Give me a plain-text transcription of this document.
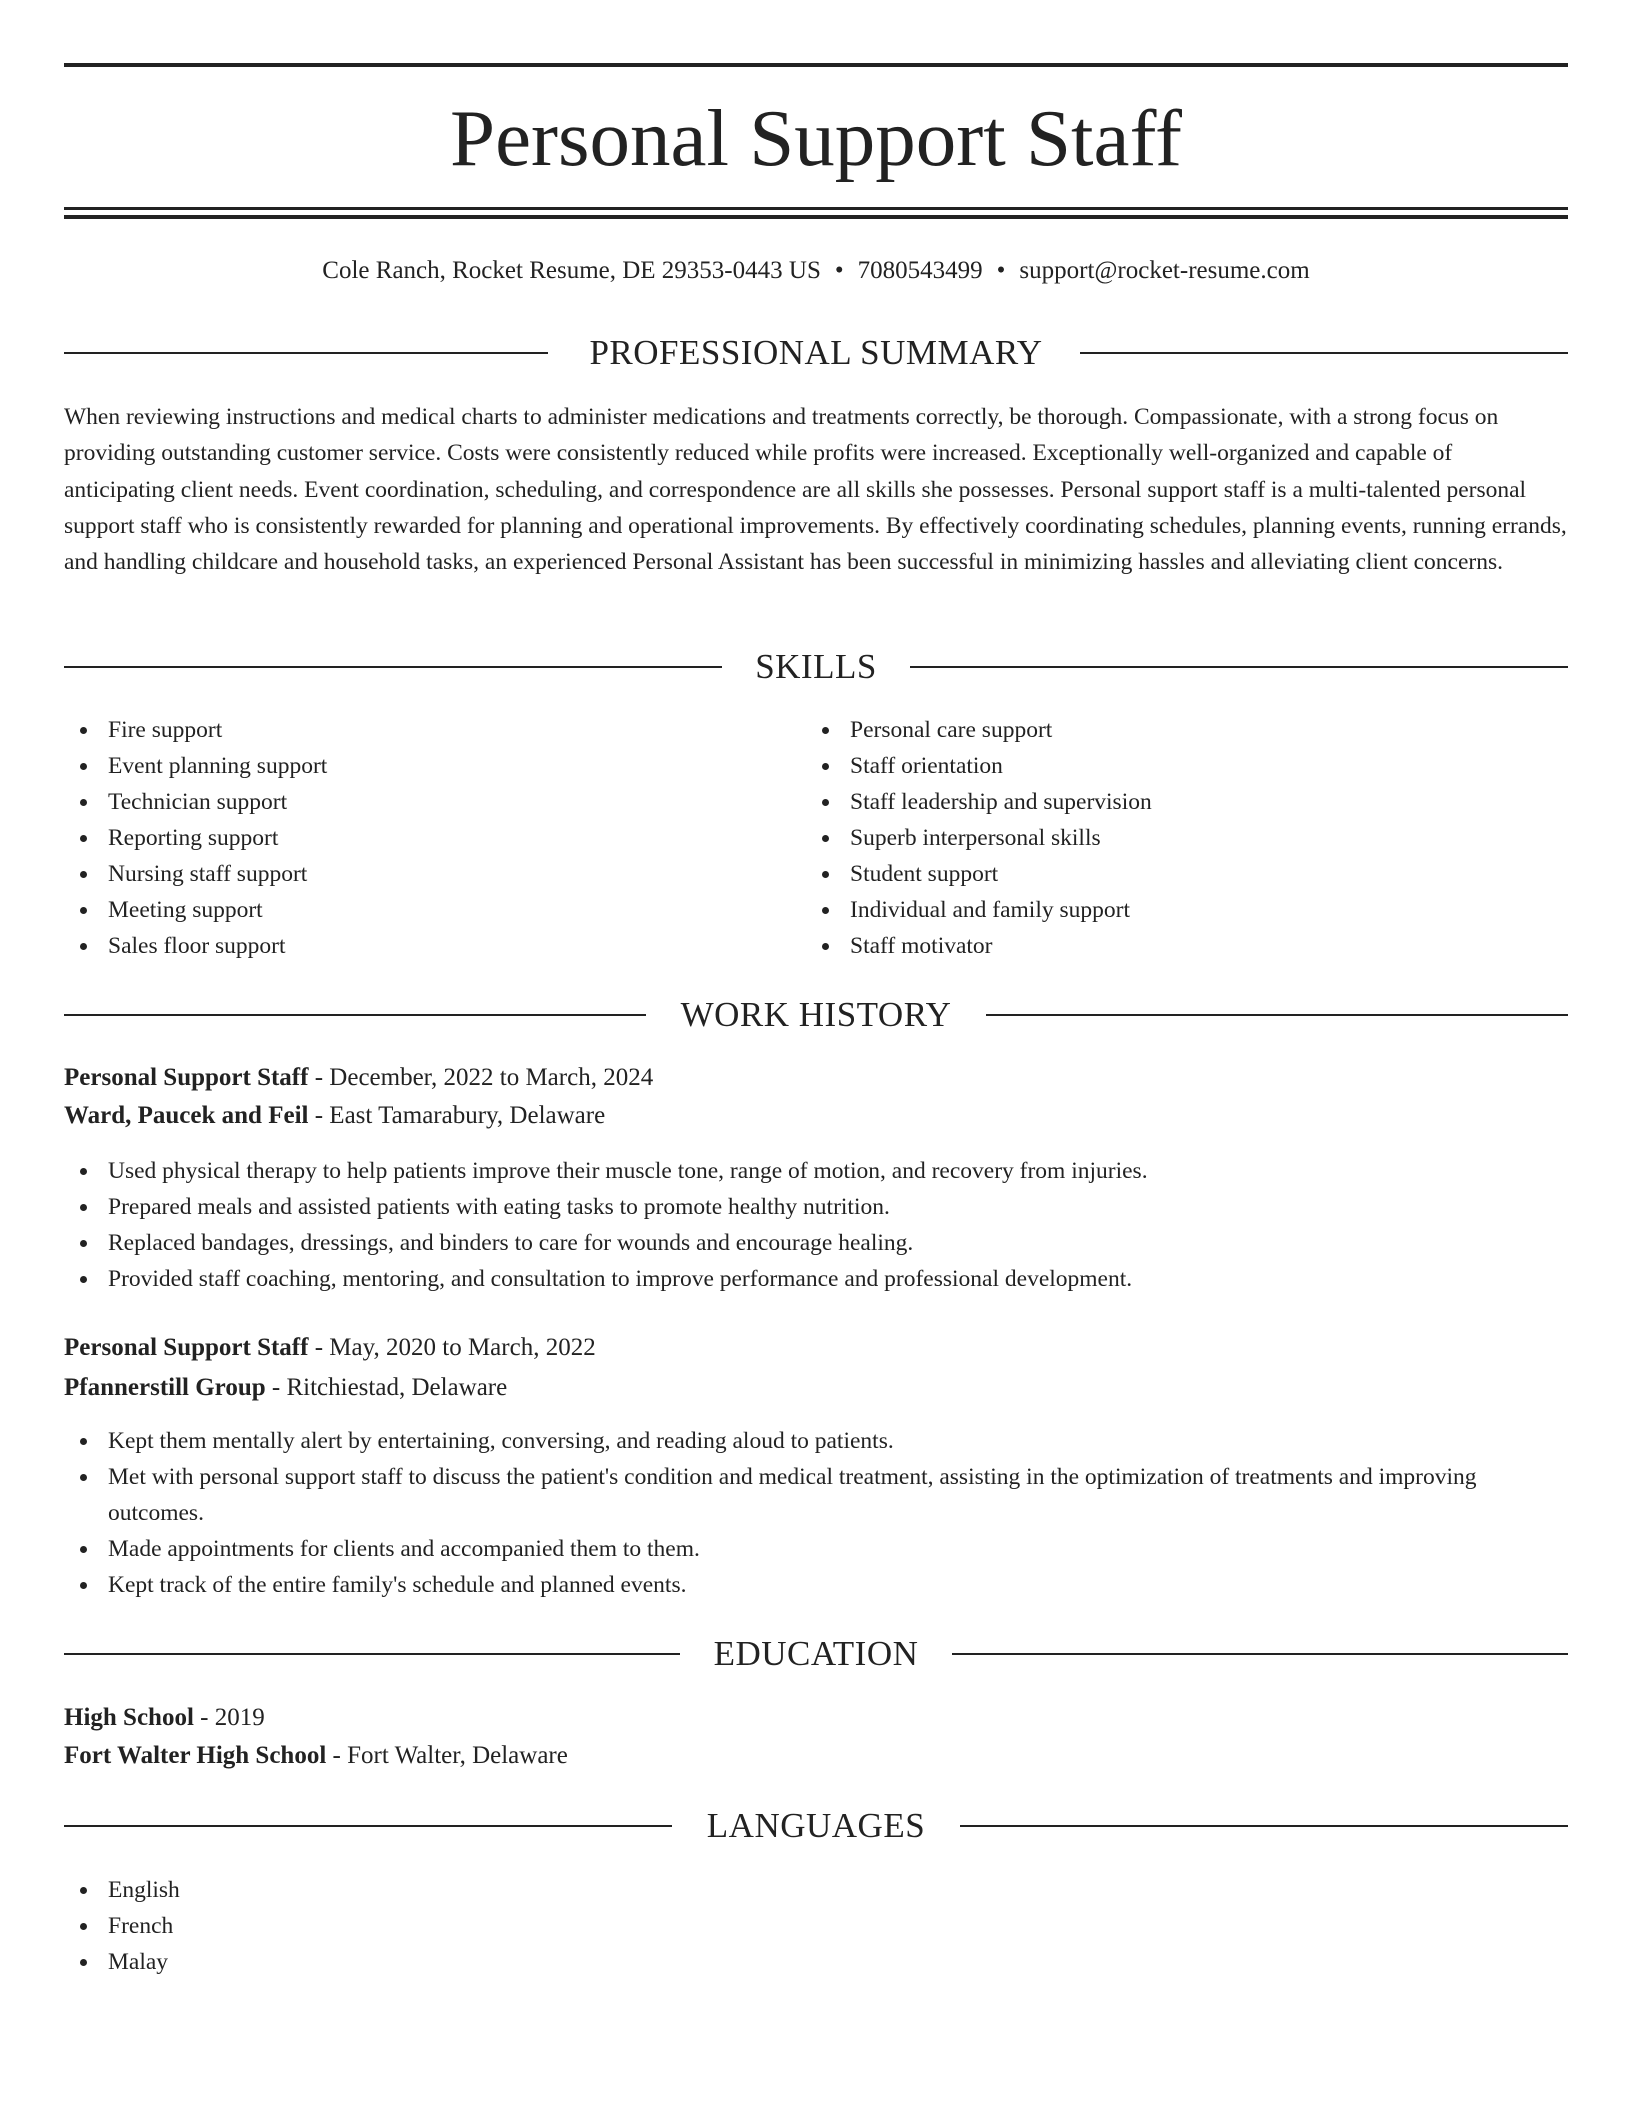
Personal Support Staff
Cole Ranch, Rocket Resume, DE 29353-0443 US • 7080543499 • support@rocket-resume.com
PROFESSIONAL SUMMARY
When reviewing instructions and medical charts to administer medications and treatments correctly, be thorough. Compassionate, with a strong focus on providing outstanding customer service. Costs were consistently reduced while profits were increased. Exceptionally well-organized and capable of anticipating client needs. Event coordination, scheduling, and correspondence are all skills she possesses. Personal support staff is a multi-talented personal support staff who is consistently rewarded for planning and operational improvements. By effectively coordinating schedules, planning events, running errands, and handling childcare and household tasks, an experienced Personal Assistant has been successful in minimizing hassles and alleviating client concerns.
SKILLS
Fire support
Event planning support
Technician support
Reporting support
Nursing staff support
Meeting support
Sales floor support
Personal care support
Staff orientation
Staff leadership and supervision
Superb interpersonal skills
Student support
Individual and family support
Staff motivator
WORK HISTORY
Personal Support Staff - December, 2022 to March, 2024
Ward, Paucek and Feil - East Tamarabury, Delaware
Used physical therapy to help patients improve their muscle tone, range of motion, and recovery from injuries.
Prepared meals and assisted patients with eating tasks to promote healthy nutrition.
Replaced bandages, dressings, and binders to care for wounds and encourage healing.
Provided staff coaching, mentoring, and consultation to improve performance and professional development.
Personal Support Staff - May, 2020 to March, 2022
Pfannerstill Group - Ritchiestad, Delaware
Kept them mentally alert by entertaining, conversing, and reading aloud to patients.
Met with personal support staff to discuss the patient's condition and medical treatment, assisting in the optimization of treatments and improving outcomes.
Made appointments for clients and accompanied them to them.
Kept track of the entire family's schedule and planned events.
EDUCATION
High School - 2019
Fort Walter High School - Fort Walter, Delaware
LANGUAGES
English
French
Malay
